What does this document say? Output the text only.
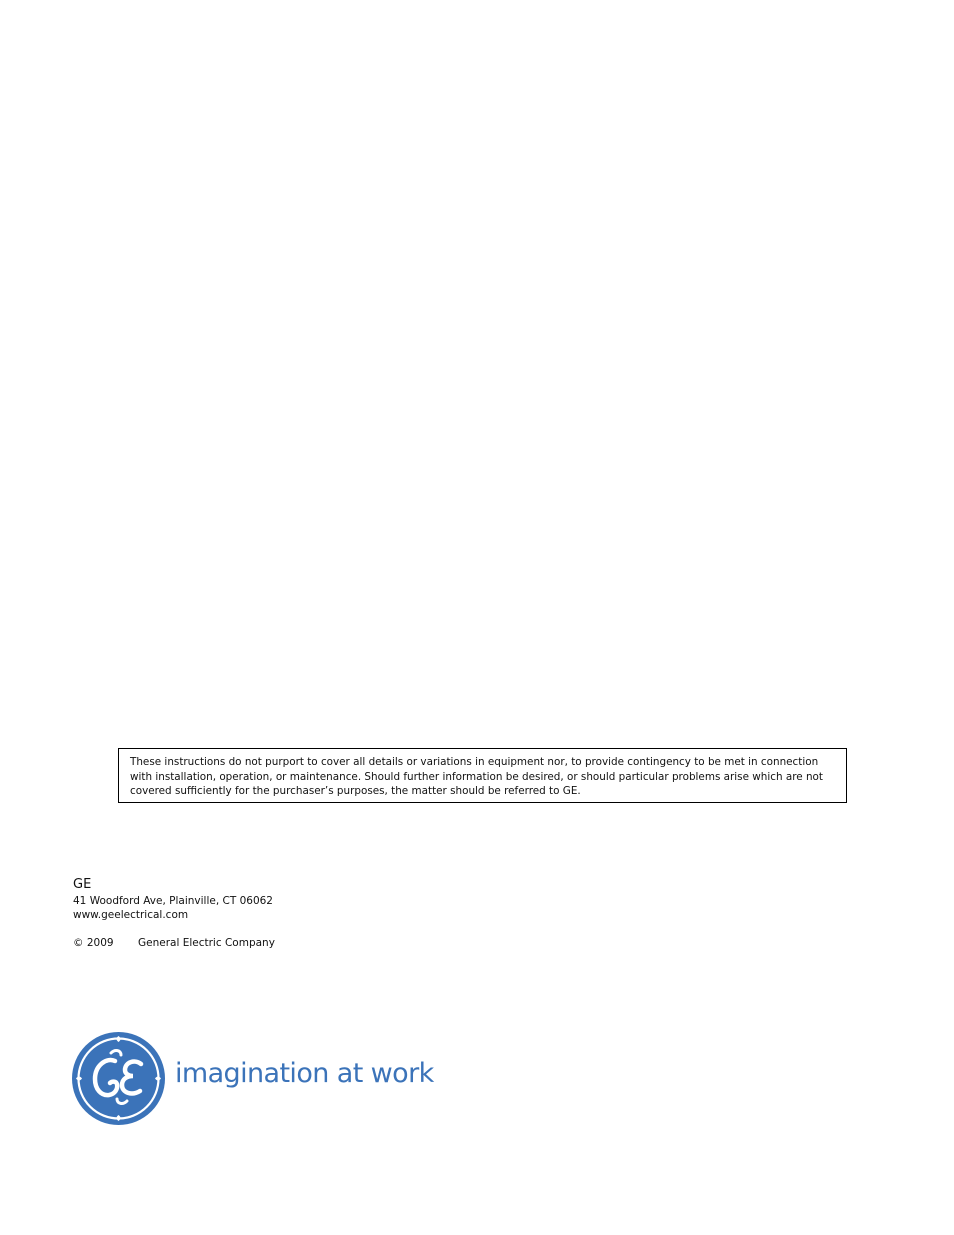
These instructions do not purport to cover all details or variations in equipment nor, to provide contingency to be met in connection with installation, operation, or maintenance. Should further information be desired, or should particular problems arise which are not covered sufficiently for the purchaser’s purposes, the matter should be referred to GE.
GE
41 Woodford Ave, Plainville, CT 06062
www.geelectrical.com
© 2009	General Electric Company
imagination at work
